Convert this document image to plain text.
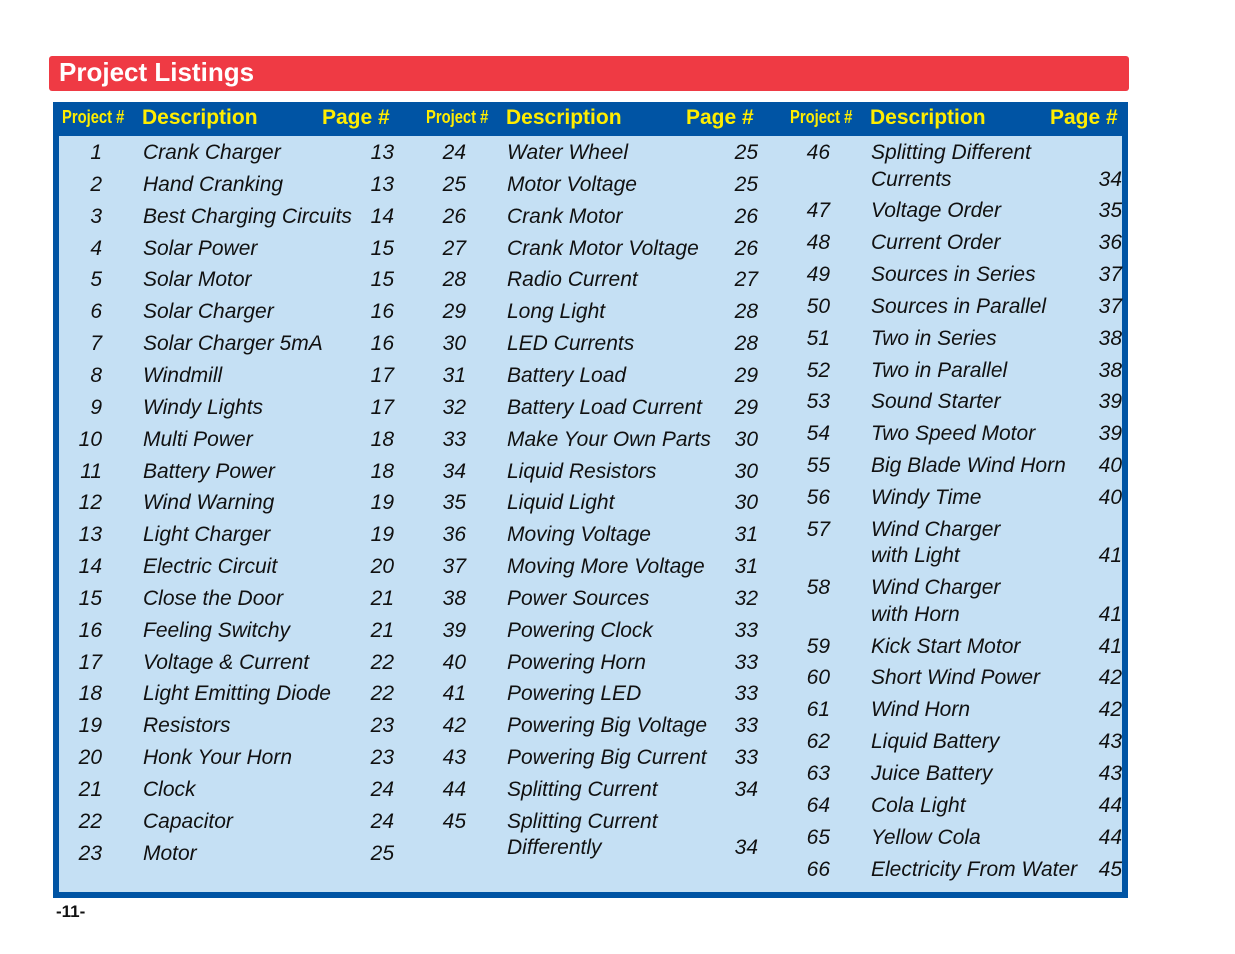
Project Listings
Project # Description	Page # Project # Description	Page # Project # Description	Page #
1 Crank Charger	13
2 Hand Cranking	13
3 Best Charging Circuits 14
4 Solar Power	15
5 Solar Motor	15
6 Solar Charger	16
7 Solar Charger 5mA	16
8 Windmill	17
9 Windy Lights	17
10 Multi Power	18
11 Battery Power	18
12 Wind Warning	19
13 Light Charger	19
14 Electric Circuit	20
15 Close the Door	21
16 Feeling Switchy	21
17 Voltage & Current	22
18 Light Emitting Diode	22
19 Resistors	23
20 Honk Your Horn	23
21 Clock	24
22 Capacitor	24
23 Motor	25
24 Water Wheel	25
25 Motor Voltage	25
26 Crank Motor	26
27 Crank Motor Voltage	26
28 Radio Current	27
29 Long Light	28
30 LED Currents	28
31 Battery Load	29
32 Battery Load Current	29
33 Make Your Own Parts	30
34 Liquid Resistors	30
35 Liquid Light	30
36 Moving Voltage	31
37 Moving More Voltage	31
38 Power Sources	32
39 Powering Clock	33
40 Powering Horn	33
41 Powering LED	33
42 Powering Big Voltage	33
43 Powering Big Current	33
44 Splitting Current	34
45 Splitting Current
Differently	34
46 Splitting Different
Currents	34
47 Voltage Order	35
48 Current Order	36
49 Sources in Series	37
50 Sources in Parallel	37
51 Two in Series	38
52 Two in Parallel	38
53 Sound Starter	39
54 Two Speed Motor	39
55 Big Blade Wind Horn	40
56 Windy Time	40
57 Wind Charger
with Light	41
58 Wind Charger
with Horn	41
59 Kick Start Motor	41
60 Short Wind Power	42
61 Wind Horn	42
62 Liquid Battery	43
63 Juice Battery	43
64 Cola Light	44
65 Yellow Cola	44
66 Electricity From Water	45
-11-
